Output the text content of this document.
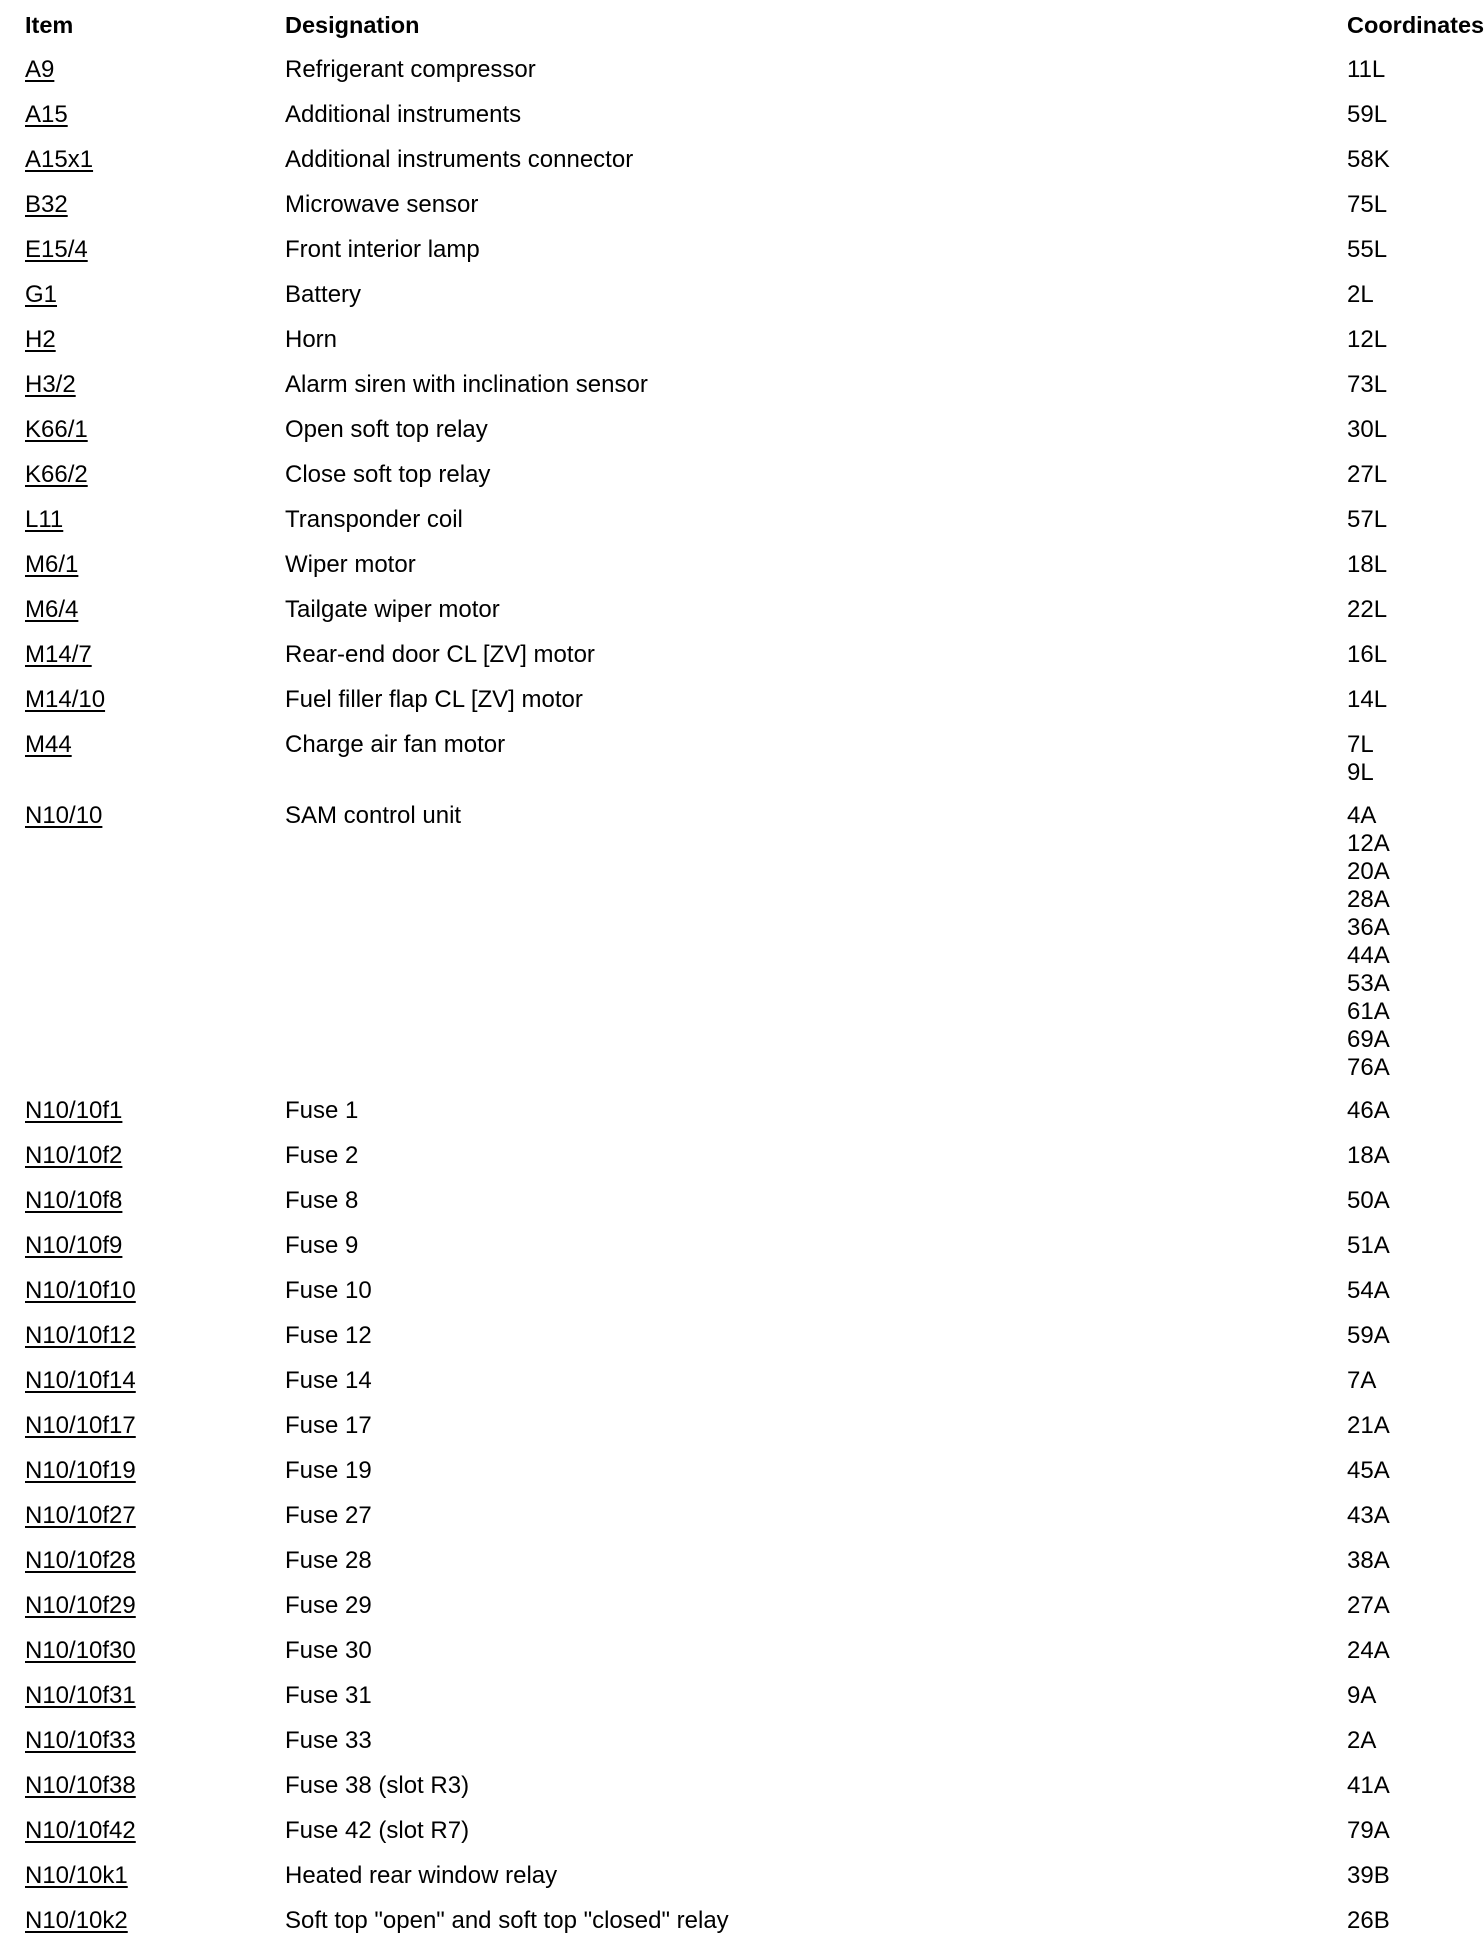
Item	Designation	Coordinates
A9	Refrigerant compressor	11L
A15	Additional instruments	59L
A15x1	Additional instruments connector	58K
B32	Microwave sensor	75L
E15/4	Front interior lamp	55L
G1	Battery	2L
H2	Horn	12L
H3/2	Alarm siren with inclination sensor	73L
K66/1	Open soft top relay	30L
K66/2	Close soft top relay	27L
L11	Transponder coil	57L
M6/1	Wiper motor	18L
M6/4	Tailgate wiper motor	22L
M14/7	Rear-end door CL [ZV] motor	16L
M14/10	Fuel filler flap CL [ZV] motor	14L
M44	Charge air fan motor	7L
9L
N10/10	SAM control unit	4A
12A
20A
28A
36A
44A
53A
61A
69A
76A
N10/10f1	Fuse 1	46A
N10/10f2	Fuse 2	18A
N10/10f8	Fuse 8	50A
N10/10f9	Fuse 9	51A
N10/10f10	Fuse 10	54A
N10/10f12	Fuse 12	59A
N10/10f14	Fuse 14	7A
N10/10f17	Fuse 17	21A
N10/10f19	Fuse 19	45A
N10/10f27	Fuse 27	43A
N10/10f28	Fuse 28	38A
N10/10f29	Fuse 29	27A
N10/10f30	Fuse 30	24A
N10/10f31	Fuse 31	9A
N10/10f33	Fuse 33	2A
N10/10f38	Fuse 38 (slot R3)	41A
N10/10f42	Fuse 42 (slot R7)	79A
N10/10k1	Heated rear window relay	39B
N10/10k2	Soft top "open" and soft top "closed" relay	26B
